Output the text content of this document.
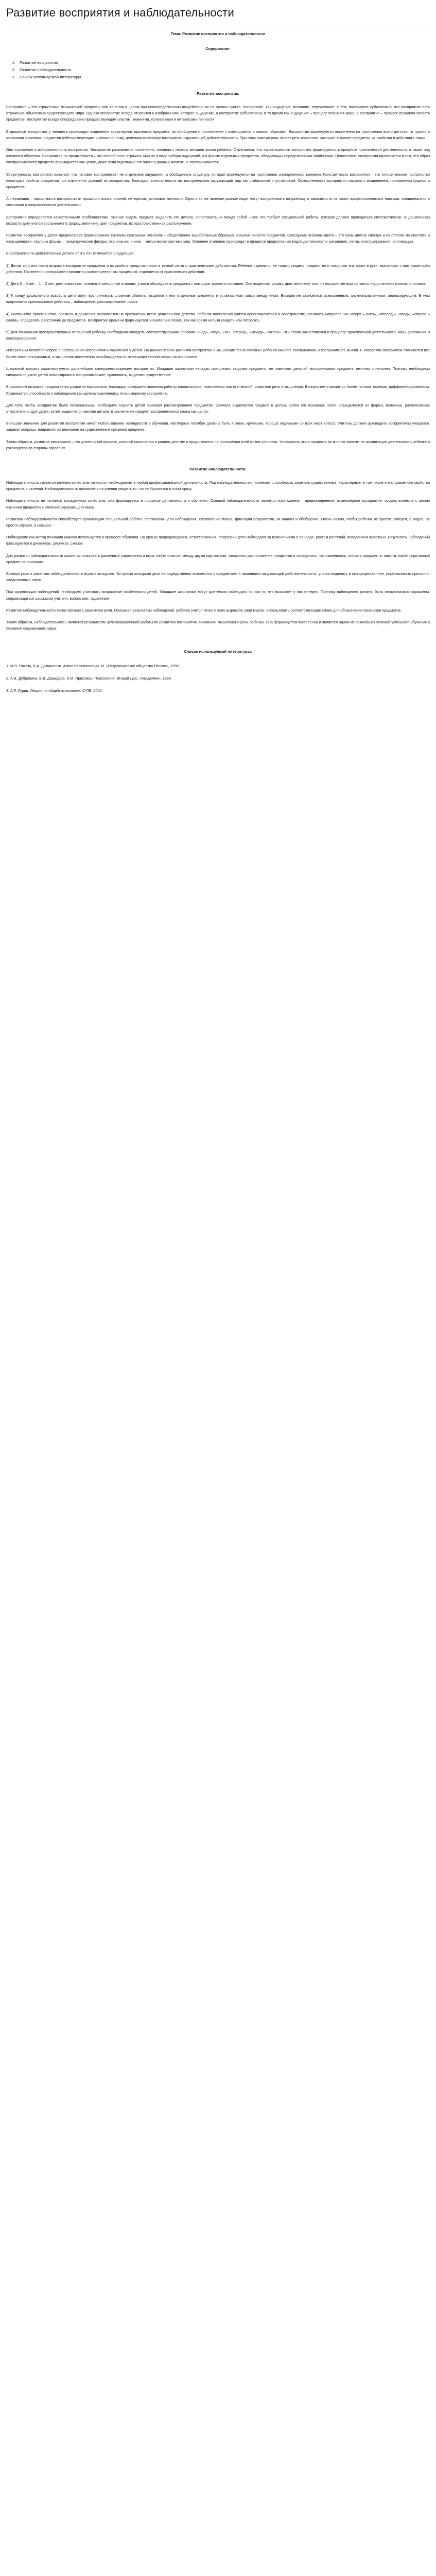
Развитие восприятия и наблюдательности
Тема: Развитие восприятия и наблюдательности
Содержание:
1. Развитие восприятия
2. Развитие наблюдательности
3. Список используемой литературы
Развитие восприятия.

Восприятие – это отраженные психической процессы или явления в целом при непосредственном воздействии их на органы чувств. Восприятие, как ощущение, познание, переживание, с тем, восприятие субъективно, что восприятие есть отражение объективно существующего мира. Однако восприятие всегда относится к изображению, которое ощущение, а восприятие субъективно, в то время как ощущение – процесс познания мира, а восприятие – процесс познания свойств предметов. Восприятие всегда опосредовано предшествующим опытом, знаниями, установками и интересами личности.

В процессе восприятия у человека происходит выделение характерных признаков предмета, их обобщение и соотнесение с имеющимися в памяти образами. Восприятие формируется постепенно на протяжении всего детства: от простого узнавания знакомых предметов ребенок переходит к осмысленному, целенаправленному восприятию окружающей действительности. При этом важную роль играет речь взрослого, который называет предметы, их свойства и действия с ними.

Оно отражение и избирательность восприятия. Восприятие развивается постепенно, начиная с первых месяцев жизни ребенка. Отмечается, что характеристики восприятия формируются в процессе практической деятельности, а также под влиянием обучения. Восприятие по предметности – это способность отражать мир не в виде набора ощущений, а в форме отдельных предметов, обладающих определенными свойствами. Целостность восприятия проявляется в том, что образ воспринимаемого предмета формируется как целое, даже если отдельные его части в данный момент не воспринимаются.

Структурность восприятия означает, что человек воспринимает не отдельные ощущения, а обобщенную структуру, которая формируется на протяжении определенного времени. Константность восприятия – это относительное постоянство некоторых свойств предметов при изменении условий их восприятия. Благодаря константности мы воспринимаем окружающий мир как стабильный и устойчивый. Осмысленность восприятия связана с мышлением, пониманием сущности предметов.

Апперцепция – зависимость восприятия от прошлого опыта, знаний, интересов, установок личности. Одно и то же явление разные люди могут воспринимать по-разному в зависимости от своих профессиональных навыков, эмоционального состояния и направленности деятельности.

Восприятие определяется качественными особенностями. Умение видеть предмет, выделить его детали, сопоставить их между собой – все это требует специальной работы, которая должна проводиться систематически. В дошкольном возрасте дети учатся воспринимать форму, величину, цвет предметов, их пространственное расположение.

Развитие восприятия у детей предполагает формирование системы сенсорных эталонов – общественно выработанных образцов внешних свойств предметов. Сенсорные эталоны цвета – это семь цветов спектра и их оттенки по светлоте и насыщенности; эталоны формы – геометрические фигуры; эталоны величины – метрическая система мер. Усвоение эталонов происходит в процессе продуктивных видов деятельности: рисования, лепки, конструирования, аппликации.

В восприятии по действительно детали от 3-х лет отмечается следующее:

1) Детям того или иного возраста восприятие предметов и их свойств представляется в тесной связи с практическими действиями. Ребенок стремится не только увидеть предмет, но и потрогать его, взять в руки, выполнить с ним какие-либо действия. Постепенно восприятие становится самостоятельным процессом, отделяется от практических действий.

2) Дети 3 – 4 лет – 1 – 2 лет, дети осваивают основные сенсорные эталоны, учатся обследовать предметы с помощью зрения и осязания. Они выделяют форму, цвет, величину, хотя их восприятие еще остается недостаточно точным и полным.

3) К концу дошкольного возраста дети могут воспринимать сложные объекты, выделяя в них отдельные элементы и устанавливая связи между ними. Восприятие становится осмысленным, целенаправленным, анализирующим. В нем выделяются произвольные действия – наблюдение, рассматривание, поиск.

4) Восприятие пространства, времени и движения развивается на протяжении всего дошкольного детства. Ребенок постепенно учится ориентироваться в пространстве, понимать направления «вверх – вниз», «вперед – назад», «справа – слева», определять расстояние до предметов. Восприятие времени формируется значительно позже, так как время нельзя увидеть или потрогать.

5) Для понимания пространственных отношений ребенку необходимо овладеть соответствующими словами: «над», «под», «за», «перед», «между», «около». Эти слова закрепляются в процессе практической деятельности, игры, рисования и конструирования.

Интересным является вопрос о соотношении восприятия и мышления у детей. На ранних этапах развития восприятие и мышление тесно связаны: ребенок мыслит, воспринимая, и воспринимает, мысля. С возрастом восприятие становится все более интеллектуальным, а мышление постепенно освобождается от непосредственной опоры на восприятие.

Школьный возраст характеризуется дальнейшим совершенствованием восприятия. Младшие школьники нередко смешивают сходные предметы, не замечают деталей, воспринимают предметы неточно и неполно. Поэтому необходимо специально учить детей анализировать воспринимаемое, сравнивать, выделять существенное.

В школьном возрасте продолжается развитие восприятия, благодаря совершенствованию работы анализаторов, накоплению опыта и знаний, развитию речи и мышления. Восприятие становится более точным, полным, дифференцированным. Развивается способность к наблюдению как целенаправленному, планомерному восприятию.

Для того, чтобы восприятие было полноценным, необходимо научить детей приемам рассматривания предметов. Сначала выделяется предмет в целом, затем его основные части, определяется их форма, величина, расположение относительно друг друга; затем выделяются мелкие детали; в заключение предмет воспринимается снова как целое.

Большое значение для развития восприятия имеет использование наглядности в обучении. Наглядные пособия должны быть яркими, крупными, хорошо видимыми со всех мест класса. Учитель должен руководить восприятием учащихся, задавая вопросы, направляя их внимание на существенные признаки предмета.

Таким образом, развитие восприятия – это длительный процесс, который начинается в раннем детстве и продолжается на протяжении всей жизни человека. Успешность этого процесса во многом зависит от организации деятельности ребенка и руководства со стороны взрослых.

Развитие наблюдательности.

Наблюдательность является важным качеством личности, необходимым в любой профессиональной деятельности. Под наблюдательностью понимают способность замечать существенные, характерные, в том числе и малозаметные свойства предметов и явлений. Наблюдательность проявляется в умении увидеть то, что не бросается в глаза сразу.

Наблюдательность не является врожденным качеством, она формируется в процессе деятельности и обучения. Основой наблюдательности является наблюдение – преднамеренное, планомерное восприятие, осуществляемое с целью изучения предметов и явлений окружающего мира.

Развитию наблюдательности способствует организация специальной работы: постановка цели наблюдения, составление плана, фиксация результатов, их анализ и обобщение. Очень важно, чтобы ребенок не просто смотрел, а видел, не просто слушал, а слышал.

Наблюдение как метод познания широко используется в процессе обучения. На уроках природоведения, естествознания, географии дети наблюдают за изменениями в природе, ростом растений, поведением животных. Результаты наблюдений фиксируются в дневниках, рисунках, схемах.

Для развития наблюдательности можно использовать различные упражнения и игры: найти отличия между двумя картинками, запомнить расположение предметов и определить, что изменилось, описать предмет по памяти, найти спрятанный предмет по описанию.

Важную роль в развитии наблюдательности играют экскурсии. Во время экскурсий дети непосредственно знакомятся с предметами и явлениями окружающей действительности, учатся выделять в них существенное, устанавливать причинно-следственные связи.

При организации наблюдений необходимо учитывать возрастные особенности детей. Младшие школьники могут длительно наблюдать только то, что вызывает у них интерес. Поэтому наблюдения должны быть эмоционально окрашены, сопровождаться рассказом учителя, вопросами, заданиями.

Развитие наблюдательности тесно связано с развитием речи. Описывая результаты наблюдений, ребенок учится точно и ясно выражать свои мысли, использовать соответствующие слова для обозначения признаков предметов.

Таким образом, наблюдательность является результатом целенаправленной работы по развитию восприятия, внимания, мышления и речи ребенка. Она формируется постепенно и является одним из важнейших условий успешного обучения и познания окружающего мира.

Список используемой литературы:

1. М.В. Гамезо, В.А. Домашенко. Атлас по психологии. М. «Педагогическое общество России», 1998.

2. А.В. Дубровина, В.В. Давыдова. А.М. Прихожан. Психология. Второй курс. «Академия», 1999.

3. А.Р. Лурия. Лекции по общей психологии. С-ПБ, 2006.
